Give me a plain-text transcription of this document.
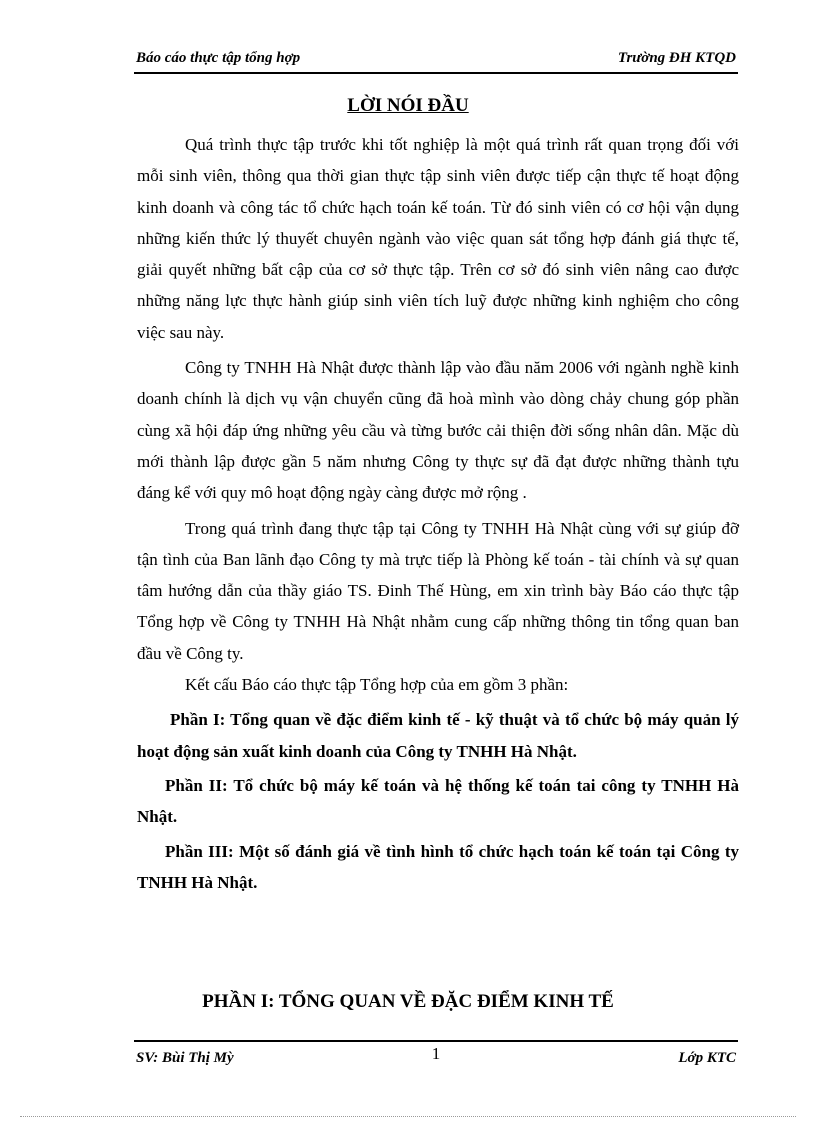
Báo cáo thực tập tổng hợp	Trường ĐH KTQD
LỜI NÓI ĐẦU

Quá trình thực tập trước khi tốt nghiệp là một quá trình rất quan trọng đối với mỗi sinh viên, thông qua thời gian thực tập sinh viên được tiếp cận thực tế hoạt động kinh doanh và công tác tổ chức hạch toán kế toán. Từ đó sinh viên có cơ hội vận dụng những kiến thức lý thuyết chuyên ngành vào việc quan sát tổng hợp đánh giá thực tế, giải quyết những bất cập của cơ sở thực tập. Trên cơ sở đó sinh viên nâng cao được những năng lực thực hành giúp sinh viên tích luỹ được những kinh nghiệm cho công việc sau này.

Công ty TNHH Hà Nhật được thành lập vào đầu năm 2006 với ngành nghề kinh doanh chính là dịch vụ vận chuyển cũng đã hoà mình vào dòng chảy chung góp phần cùng xã hội đáp ứng những yêu cầu và từng bước cải thiện đời sống nhân dân. Mặc dù mới thành lập được gần 5 năm nhưng Công ty thực sự đã đạt được những thành tựu đáng kể với quy mô hoạt động ngày càng được mở rộng .

Trong quá trình đang thực tập tại Công ty TNHH Hà Nhật cùng với sự giúp đỡ tận tình của Ban lãnh đạo Công ty mà trực tiếp là Phòng kế toán - tài chính và sự quan tâm hướng dẫn của thầy giáo TS. Đinh Thế Hùng, em xin trình bày Báo cáo thực tập Tổng hợp về Công ty TNHH Hà Nhật nhằm cung cấp những thông tin tổng quan ban đầu về Công ty.

Kết cấu Báo cáo thực tập Tổng hợp của em gồm 3 phần:

Phần I: Tổng quan về đặc điểm kinh tế - kỹ thuật và tổ chức bộ máy quản lý hoạt động sản xuất kinh doanh của Công ty TNHH Hà Nhật.

Phần II: Tổ chức bộ máy kế toán và hệ thống kế toán tai công ty TNHH Hà Nhật.

Phần III: Một số đánh giá về tình hình tổ chức hạch toán kế toán tại Công ty TNHH Hà Nhật.

PHẦN I: TỔNG QUAN VỀ ĐẶC ĐIỂM KINH TẾ
SV: Bùi Thị Mỳ	1	Lớp KTC
